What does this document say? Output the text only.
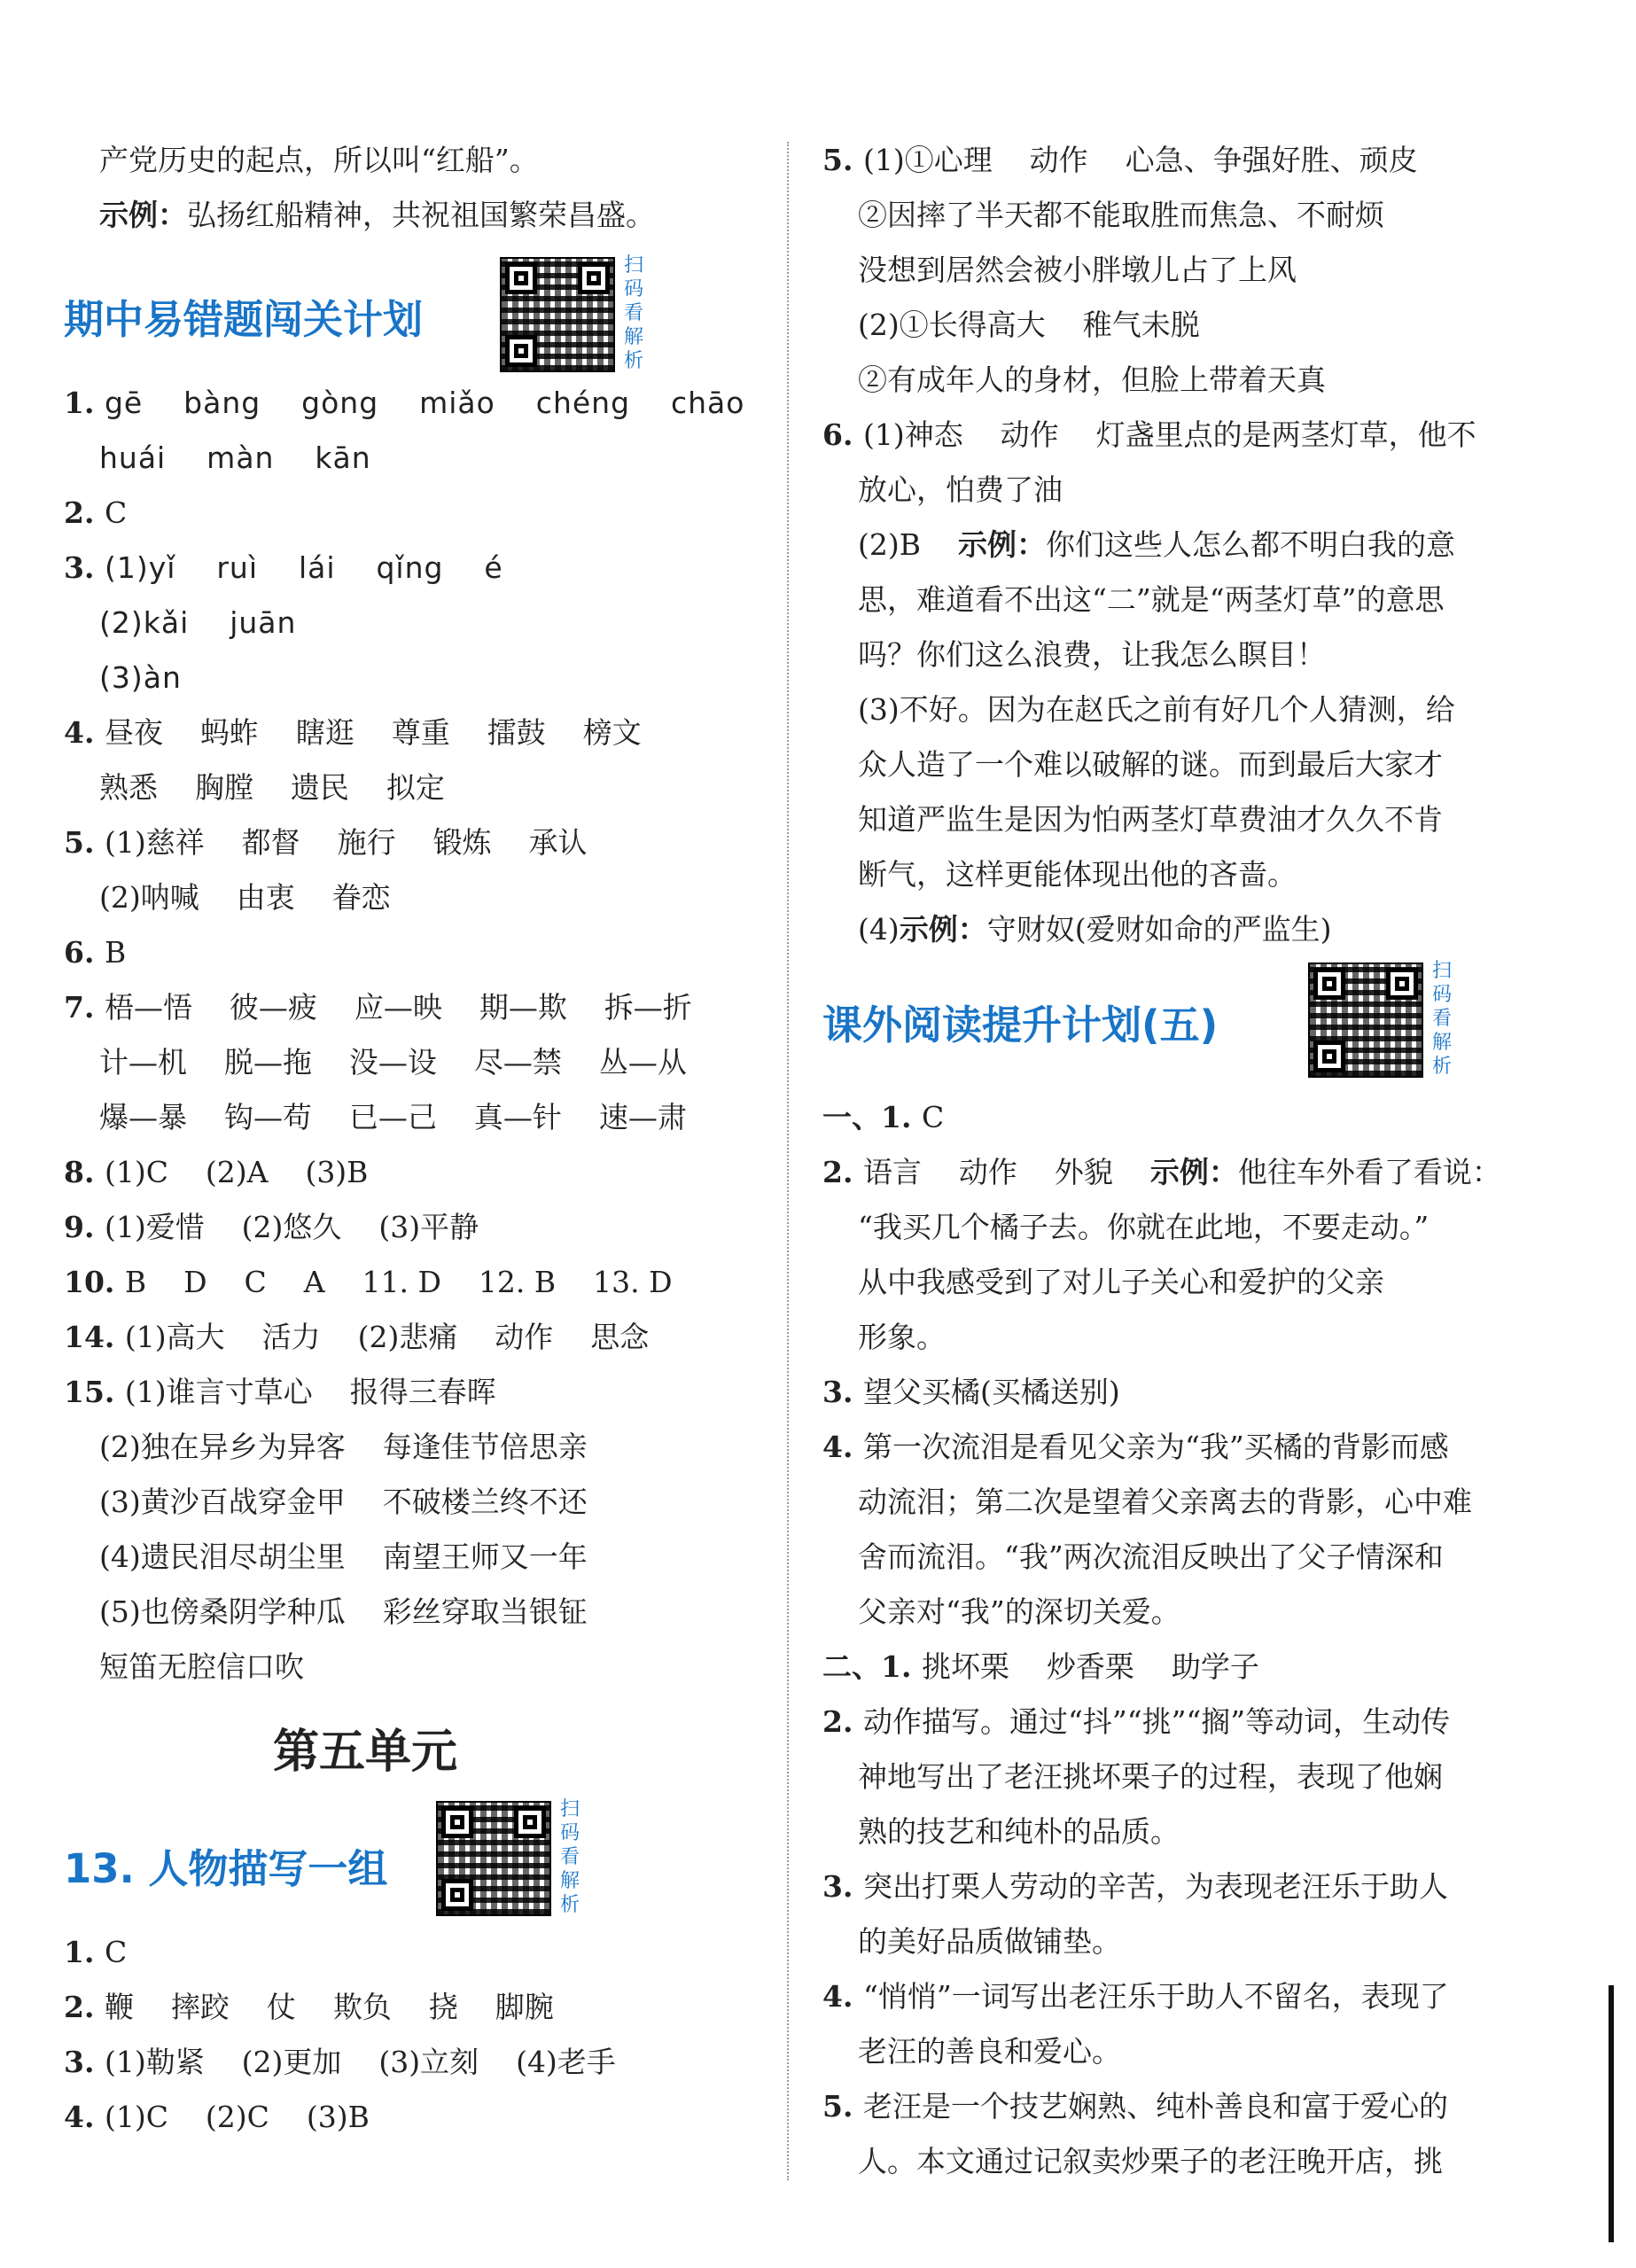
产党历史的起点，所以叫“红船”。
示例：弘扬红船精神，共祝祖国繁荣昌盛。
期中易错题闯关计划
扫
码
看
解
析
1. gē    bàng    gòng    miǎo    chéng    chāo
huái    màn    kān
2. C
3. (1)yǐ    ruì    lái    qǐng    é
(2)kǎi    juān
(3)àn
4. 昼夜    蚂蚱    瞎逛    尊重    擂鼓    榜文
熟悉    胸膛    遗民    拟定
5. (1)慈祥    都督    施行    锻炼    承认
(2)呐喊    由衷    眷恋
6. B
7. 梧—悟    彼—疲    应—映    期—欺    拆—折
计—机    脱—拖    没—设    尽—禁    丛—从
爆—暴    钩—苟    已—己    真—针    速—肃
8. (1)C    (2)A    (3)B
9. (1)爱惜    (2)悠久    (3)平静
10. B    D    C    A    11. D    12. B    13. D
14. (1)高大    活力    (2)悲痛    动作    思念
15. (1)谁言寸草心    报得三春晖
(2)独在异乡为异客    每逢佳节倍思亲
(3)黄沙百战穿金甲    不破楼兰终不还
(4)遗民泪尽胡尘里    南望王师又一年
(5)也傍桑阴学种瓜    彩丝穿取当银钲
短笛无腔信口吹
第五单元
13. 人物描写一组
扫
码
看
解
析
1. C
2. 鞭    摔跤    仗    欺负    挠    脚腕
3. (1)勒紧    (2)更加    (3)立刻    (4)老手
4. (1)C    (2)C    (3)B
5. (1)①心理    动作    心急、争强好胜、顽皮
②因摔了半天都不能取胜而焦急、不耐烦
没想到居然会被小胖墩儿占了上风
(2)①长得高大    稚气未脱
②有成年人的身材，但脸上带着天真
6. (1)神态    动作    灯盏里点的是两茎灯草，他不
放心，怕费了油
(2)B    示例：你们这些人怎么都不明白我的意
思，难道看不出这“二”就是“两茎灯草”的意思
吗？你们这么浪费，让我怎么瞑目！
(3)不好。因为在赵氏之前有好几个人猜测，给
众人造了一个难以破解的谜。而到最后大家才
知道严监生是因为怕两茎灯草费油才久久不肯
断气，这样更能体现出他的吝啬。
(4)示例：守财奴(爱财如命的严监生)
课外阅读提升计划(五)
扫
码
看
解
析
一、1. C
2. 语言    动作    外貌    示例：他往车外看了看说：
“我买几个橘子去。你就在此地，不要走动。”
从中我感受到了对儿子关心和爱护的父亲
形象。
3. 望父买橘(买橘送别)
4. 第一次流泪是看见父亲为“我”买橘的背影而感
动流泪；第二次是望着父亲离去的背影，心中难
舍而流泪。“我”两次流泪反映出了父子情深和
父亲对“我”的深切关爱。
二、1. 挑坏栗    炒香栗    助学子
2. 动作描写。通过“抖”“挑”“搁”等动词，生动传
神地写出了老汪挑坏栗子的过程，表现了他娴
熟的技艺和纯朴的品质。
3. 突出打栗人劳动的辛苦，为表现老汪乐于助人
的美好品质做铺垫。
4. “悄悄”一词写出老汪乐于助人不留名，表现了
老汪的善良和爱心。
5. 老汪是一个技艺娴熟、纯朴善良和富于爱心的
人。本文通过记叙卖炒栗子的老汪晚开店，挑
